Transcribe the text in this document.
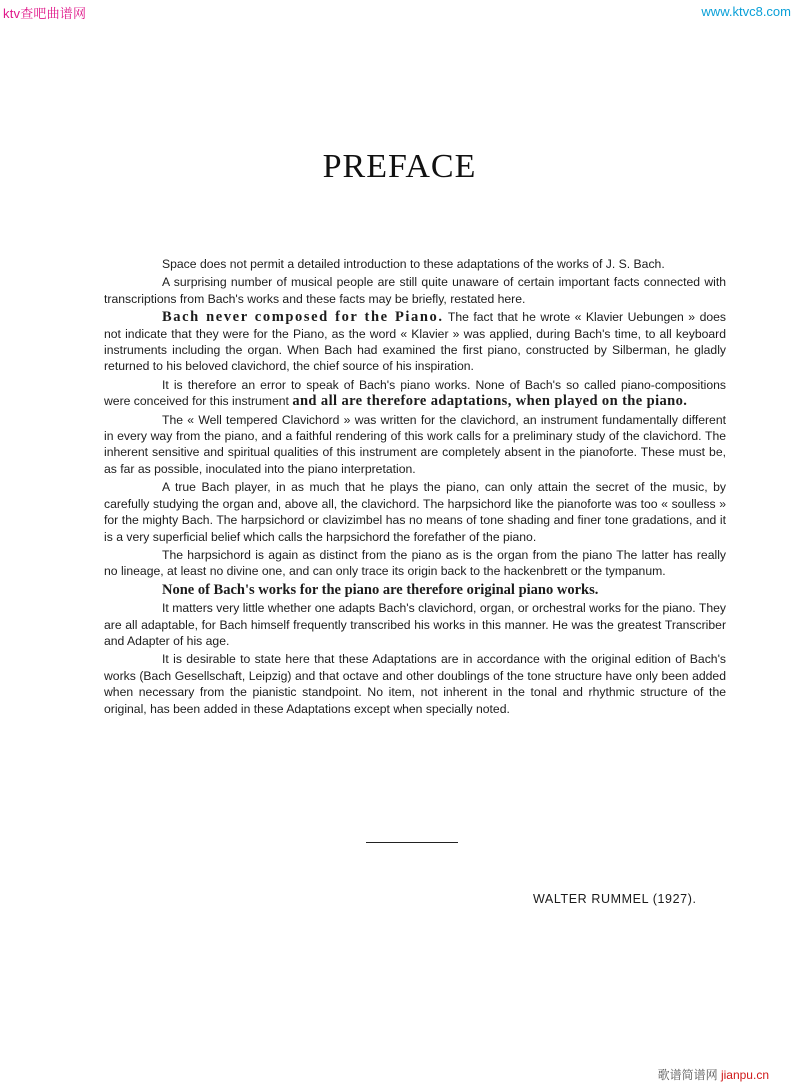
ktv查吧曲谱网	www.ktvc8.com
PREFACE

Space does not permit a detailed introduction to these adaptations of the works of J. S. Bach.

A surprising number of musical people are still quite unaware of certain important facts connected with transcriptions from Bach's works and these facts may be briefly, restated here.

Bach never composed for the Piano. The fact that he wrote « Klavier Uebungen » does not indicate that they were for the Piano, as the word « Klavier » was applied, during Bach's time, to all keyboard instruments including the organ. When Bach had examined the first piano, constructed by Silberman, he gladly returned to his beloved clavichord, the chief source of his inspiration.

It is therefore an error to speak of Bach's piano works. None of Bach's so called piano-compositions were conceived for this instrument and all are therefore adaptations, when played on the piano.

The « Well tempered Clavichord » was written for the clavichord, an instrument fundamentally different in every way from the piano, and a faithful rendering of this work calls for a preliminary study of the clavichord. The inherent sensitive and spiritual qualities of this instrument are completely absent in the pianoforte. These must be, as far as possible, inoculated into the piano interpretation.

A true Bach player, in as much that he plays the piano, can only attain the secret of the music, by carefully studying the organ and, above all, the clavichord. The harpsichord like the pianoforte was too « soulless » for the mighty Bach. The harpsichord or clavizimbel has no means of tone shading and finer tone gradations, and it is a very superficial belief which calls the harpsichord the forefather of the piano.

The harpsichord is again as distinct from the piano as is the organ from the piano The latter has really no lineage, at least no divine one, and can only trace its origin back to the hackenbrett or the tympanum.

None of Bach's works for the piano are therefore original piano works.

It matters very little whether one adapts Bach's clavichord, organ, or orchestral works for the piano. They are all adaptable, for Bach himself frequently transcribed his works in this manner. He was the greatest Transcriber and Adapter of his age.

It is desirable to state here that these Adaptations are in accordance with the original edition of Bach's works (Bach Gesellschaft, Leipzig) and that octave and other doublings of the tone structure have only been added when necessary from the pianistic standpoint. No item, not inherent in the tonal and rhythmic structure of the original, has been added in these Adaptations except when specially noted.

WALTER RUMMEL (1927).
歌谱简谱网 jianpu.cn
